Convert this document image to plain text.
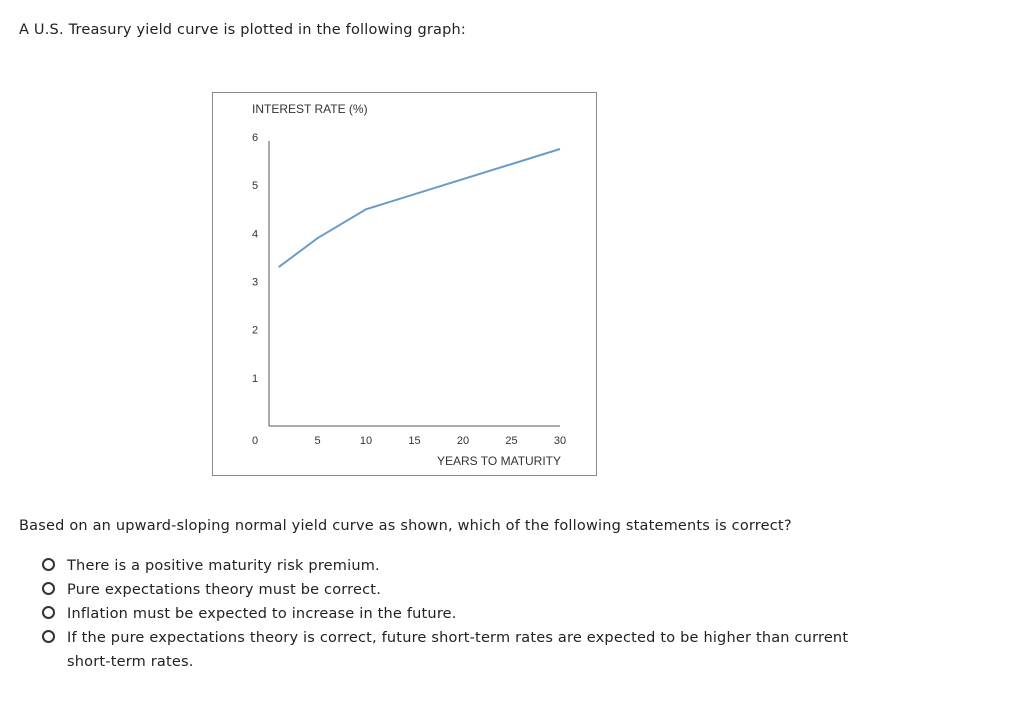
A U.S. Treasury yield curve is plotted in the following graph:
INTEREST RATE (%)
YEARS TO MATURITY
0
1
2
3
4
5
6
5	10	15	20	25	30
Based on an upward-sloping normal yield curve as shown, which of the following statements is correct?
There is a positive maturity risk premium.
Pure expectations theory must be correct.
Inflation must be expected to increase in the future.
If the pure expectations theory is correct, future short-term rates are expected to be higher than current short-term rates.
